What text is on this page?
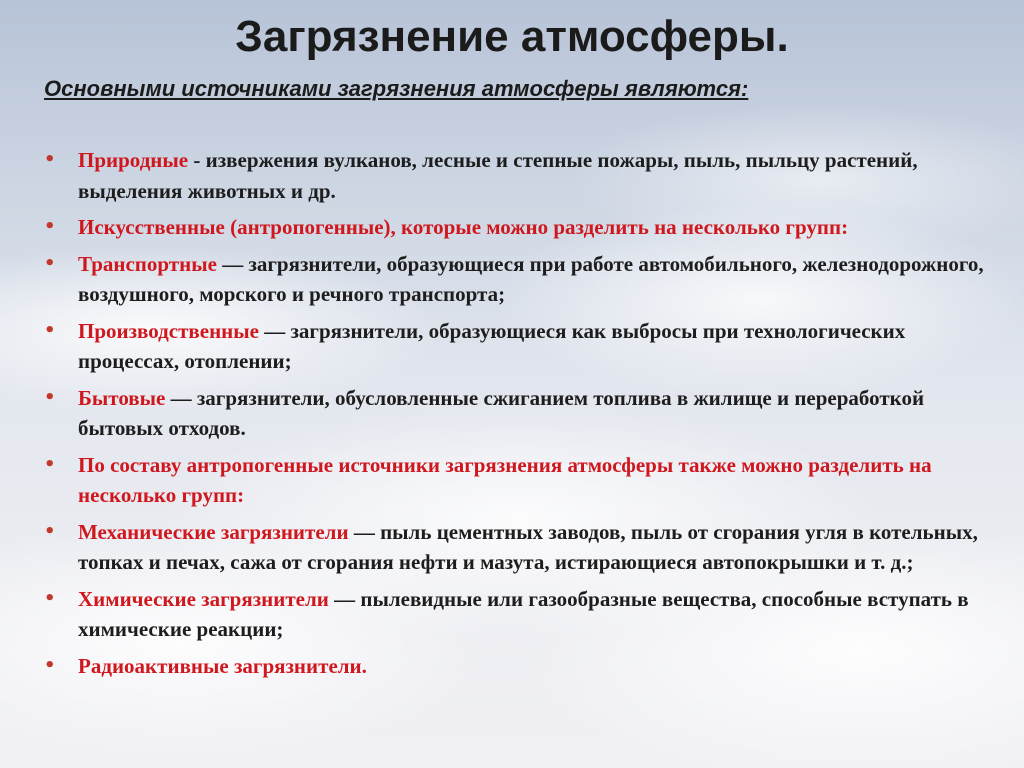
Загрязнение атмосферы.
Основными источниками загрязнения атмосферы являются:
• Природные - извержения вулканов, лесные и степные пожары, пыль, пыльцу растений, выделения животных и др.
• Искусственные (антропогенные), которые можно разделить на несколько групп:
• Транспортные — загрязнители, образующиеся при работе автомобильного, железнодорожного, воздушного, морского и речного транспорта;
• Производственные — загрязнители, образующиеся как выбросы при технологических процессах, отоплении;
• Бытовые — загрязнители, обусловленные сжиганием топлива в жилище и переработкой бытовых отходов.
• По составу антропогенные источники загрязнения атмосферы также можно разделить на несколько групп:
• Механические загрязнители — пыль цементных заводов, пыль от сгорания угля в котельных, топках и печах, сажа от сгорания нефти и мазута, истирающиеся автопокрышки и т. д.;
• Химические загрязнители — пылевидные или газообразные вещества, способные вступать в химические реакции;
• Радиоактивные загрязнители.
